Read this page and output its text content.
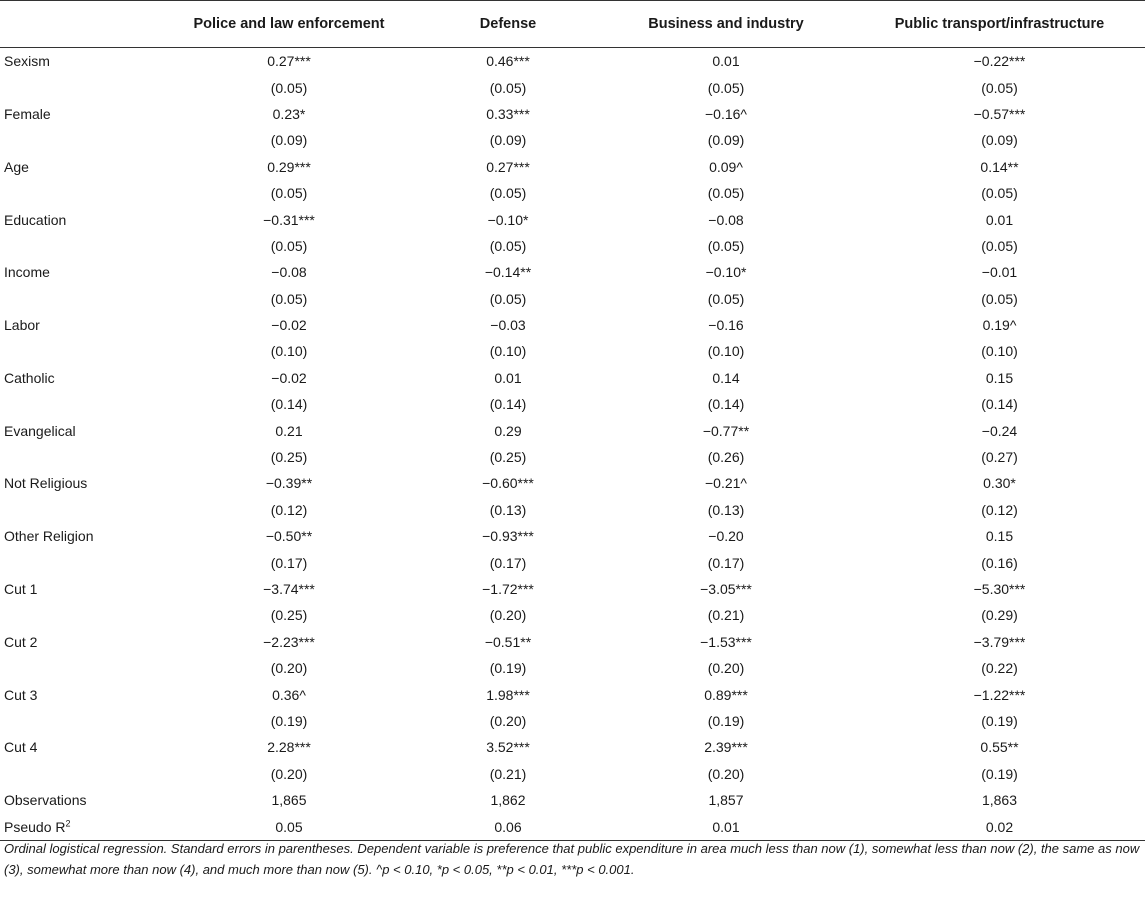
	Police and law enforcement	Defense	Business and industry	Public transport/infrastructure
Sexism	0.27***	0.46***	0.01	−0.22***
	(0.05)	(0.05)	(0.05)	(0.05)
Female	0.23*	0.33***	−0.16^	−0.57***
	(0.09)	(0.09)	(0.09)	(0.09)
Age	0.29***	0.27***	0.09^	0.14**
	(0.05)	(0.05)	(0.05)	(0.05)
Education	−0.31***	−0.10*	−0.08	0.01
	(0.05)	(0.05)	(0.05)	(0.05)
Income	−0.08	−0.14**	−0.10*	−0.01
	(0.05)	(0.05)	(0.05)	(0.05)
Labor	−0.02	−0.03	−0.16	0.19^
	(0.10)	(0.10)	(0.10)	(0.10)
Catholic	−0.02	0.01	0.14	0.15
	(0.14)	(0.14)	(0.14)	(0.14)
Evangelical	0.21	0.29	−0.77**	−0.24
	(0.25)	(0.25)	(0.26)	(0.27)
Not Religious	−0.39**	−0.60***	−0.21^	0.30*
	(0.12)	(0.13)	(0.13)	(0.12)
Other Religion	−0.50**	−0.93***	−0.20	0.15
	(0.17)	(0.17)	(0.17)	(0.16)
Cut 1	−3.74***	−1.72***	−3.05***	−5.30***
	(0.25)	(0.20)	(0.21)	(0.29)
Cut 2	−2.23***	−0.51**	−1.53***	−3.79***
	(0.20)	(0.19)	(0.20)	(0.22)
Cut 3	0.36^	1.98***	0.89***	−1.22***
	(0.19)	(0.20)	(0.19)	(0.19)
Cut 4	2.28***	3.52***	2.39***	0.55**
	(0.20)	(0.21)	(0.20)	(0.19)
Observations	1,865	1,862	1,857	1,863
Pseudo $R^2$	0.05	0.06	0.01	0.02
Ordinal logistical regression. Standard errors in parentheses. Dependent variable is preference that public expenditure in area much less than now (1), somewhat less than now (2), the same as now (3), somewhat more than now (4), and much more than now (5). ^p < 0.10, *p < 0.05, **p < 0.01, ***p < 0.001.
